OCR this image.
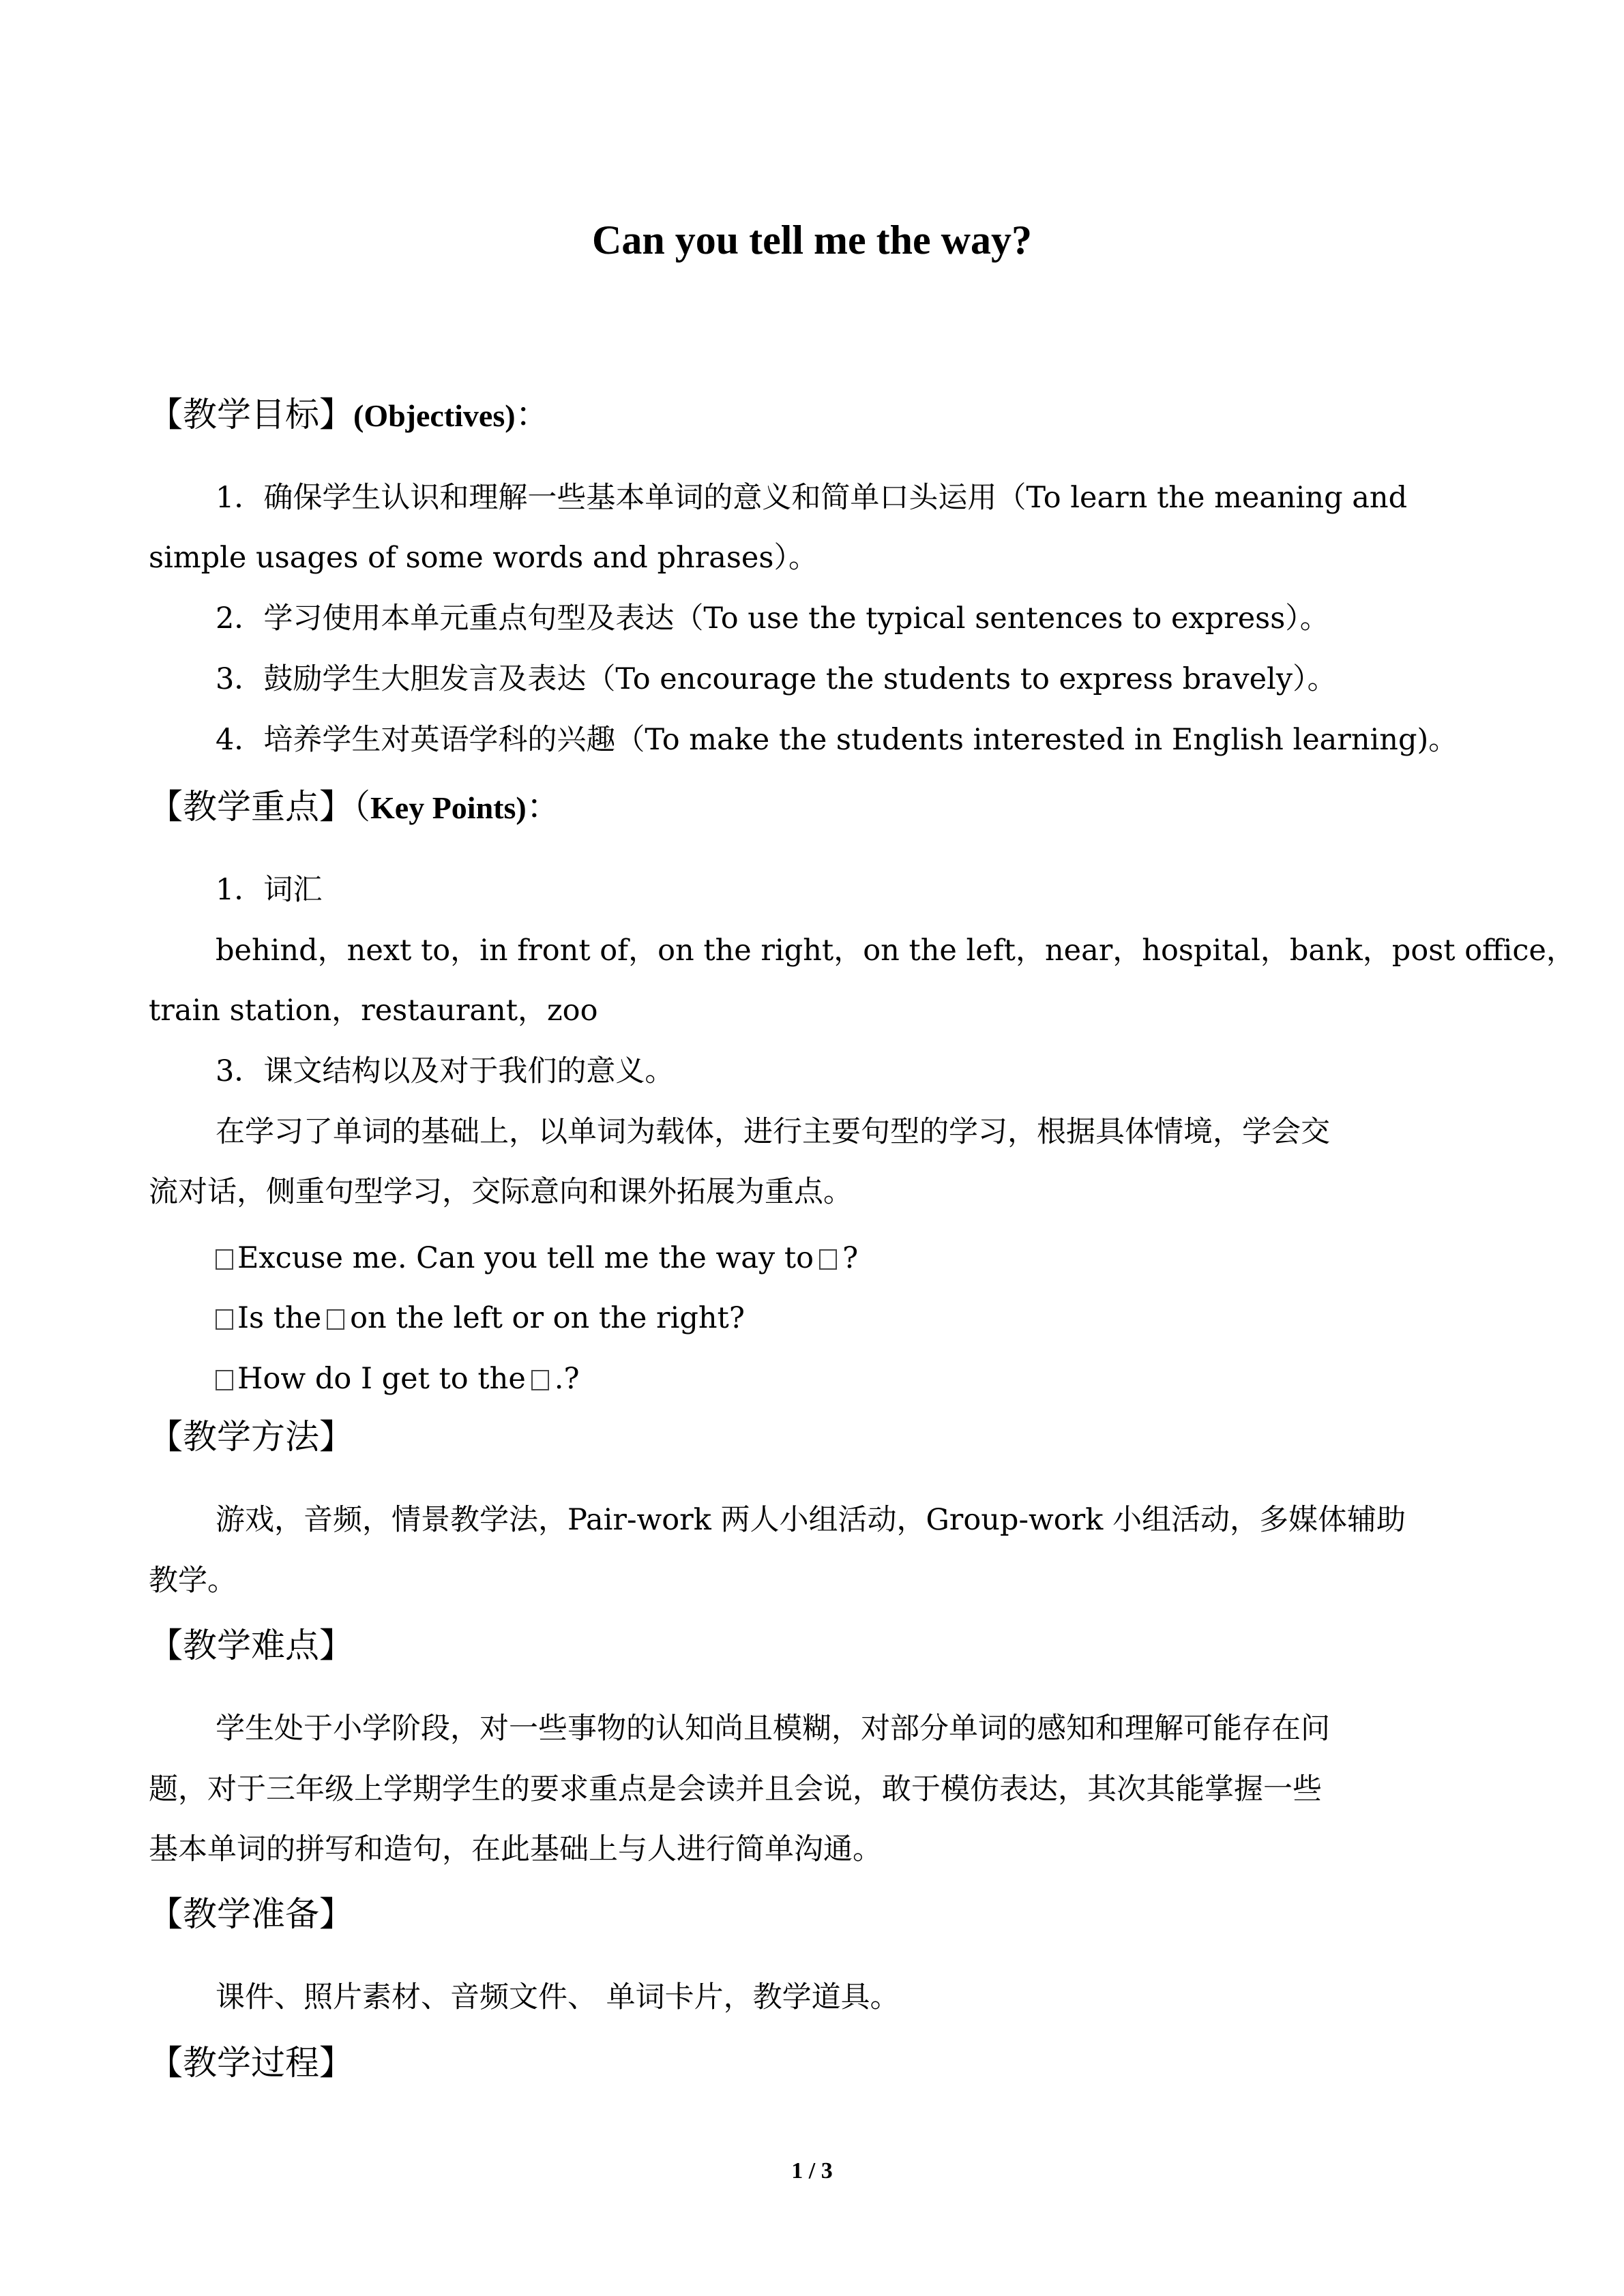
Can you tell me the way?
【教学目标】(Objectives)：
1．确保学生认识和理解一些基本单词的意义和简单口头运用（To learn the meaning and
simple usages of some words and phrases）。
2．学习使用本单元重点句型及表达（To use the typical sentences to express）。
3．鼓励学生大胆发言及表达（To encourage the students to express bravely）。
4．培养学生对英语学科的兴趣（To make the students interested in English learning)。
【教学重点】（Key Points)：
1．词汇
behind，next to，in front of，on the right，on the left，near，hospital，bank，post office，
train station，restaurant，zoo
3．课文结构以及对于我们的意义。
在学习了单词的基础上，以单词为载体，进行主要句型的学习，根据具体情境，学会交
流对话，侧重句型学习，交际意向和课外拓展为重点。
Excuse me. Can you tell me the way to ?
Is the on the left or on the right?
How do I get to the .?
【教学方法】
游戏，音频，情景教学法，Pair-work 两人小组活动，Group-work 小组活动，多媒体辅助
教学。
【教学难点】
学生处于小学阶段，对一些事物的认知尚且模糊，对部分单词的感知和理解可能存在问
题，对于三年级上学期学生的要求重点是会读并且会说，敢于模仿表达，其次其能掌握一些
基本单词的拼写和造句，在此基础上与人进行简单沟通。
【教学准备】
课件、照片素材、音频文件、 单词卡片，教学道具。
【教学过程】
1 / 3
